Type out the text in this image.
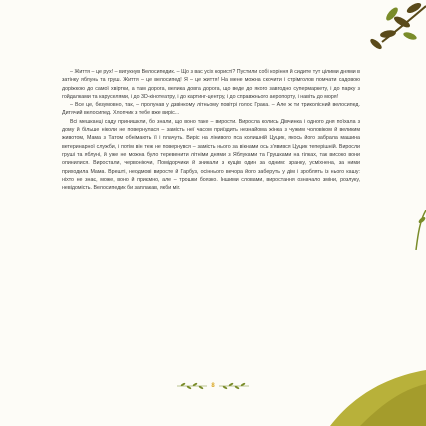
– Життя – це рух! – вигукнув Велосипедик. – Що з вас усіх користі? Пустили собі коріння й сидите тут цілими днями в затінку яблунь та груш. Життя – це велосипед! Я – це життя! На мене можна скочити і стрімголов помчати садовою доріжкою до самої хвіртки, а там дорога, велика довга дорога, що веде до якого завгодно супермаркету, і до парку з гойдалками та каруселями, і до 3D-кінотеатру, і до картинг-центру, і до справжнього аеропорту, і навіть до моря!

– Все це, безумовно, так, – пролунав у дзвінкому літньому повітрі голос Грака. – Але ж ти триколісний велосипед. Дитячий велосипед. Хлопчик з тебе вже виріс...

Всі мешканці саду принишкли, бо знали, що воно таке – вирости. Виросла колись Дівчинка і одного дня поїхала з дому й більше ніколи не повернулася – замість неї часом приїздить незнайома жінка з чужим чоловіком й великим животом, Мама з Татом обнімають її і плачуть. Виріс на лінивого пса колишній Цуцик, якось його забрала машина ветеринарної служби, і потім він теж не повернувся – замість нього за вікнами ось з'явився Цуцик теперішній. Виросли груші та яблуні, й уже не можна було теревенити літніми днями з Яблуками та Грушками на гілках, так високо вони опинилися. Виростали, червоніючи, Помідорчики й зникали з кущів один за одним: зранку, усміхнена, за ними приходила Мама. Врешті, неодмові виросте й Гарбуз, осіннього вечора його заберуть у дім і зроблять із нього кашу: ніхто не знає, може, воно й приємно, але – трошки боязко. Іншими словами, виростання означало зміни, розлуку, невідомість. Велосипедик би заплакав, якби міг.

8
